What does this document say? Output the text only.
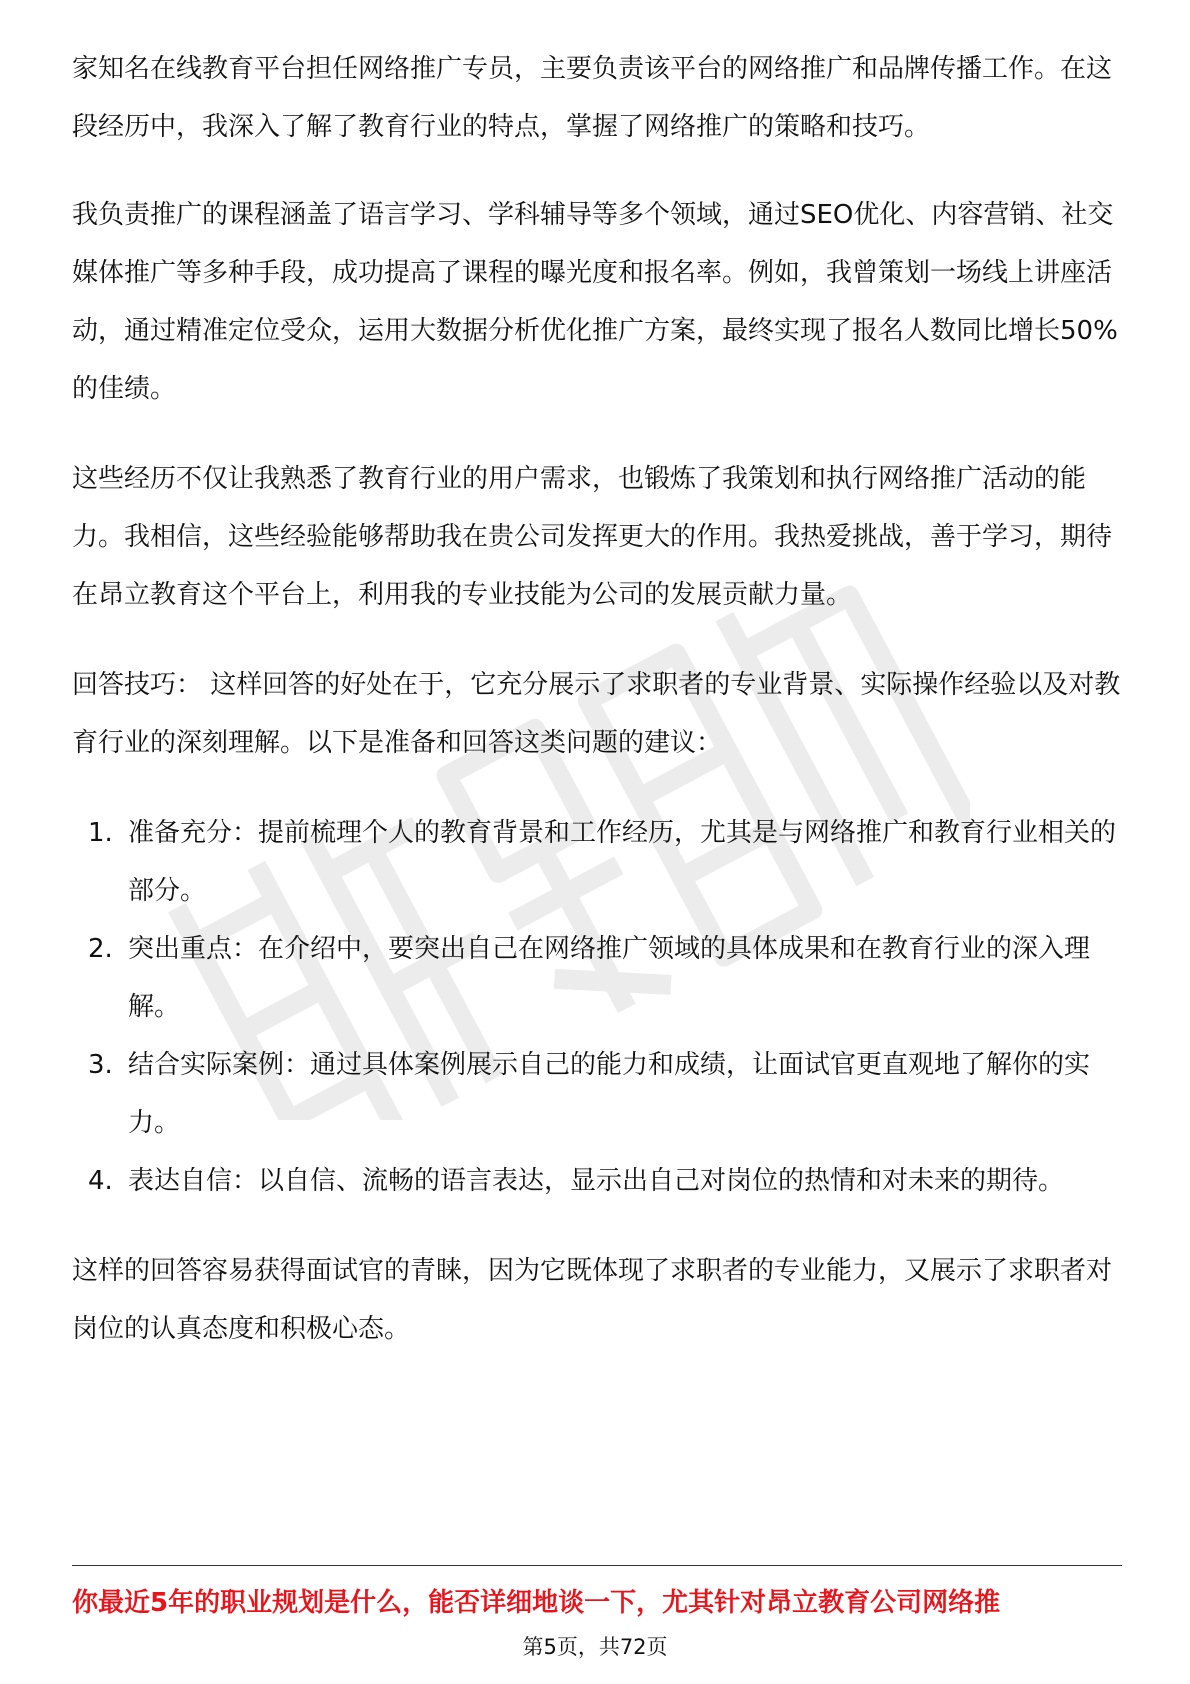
家知名在线教育平台担任网络推广专员，主要负责该平台的网络推广和品牌传播工作。在这段经历中，我深入了解了教育行业的特点，掌握了网络推广的策略和技巧。

我负责推广的课程涵盖了语言学习、学科辅导等多个领域，通过SEO优化、内容营销、社交媒体推广等多种手段，成功提高了课程的曝光度和报名率。例如，我曾策划一场线上讲座活动，通过精准定位受众，运用大数据分析优化推广方案，最终实现了报名人数同比增长50%的佳绩。

这些经历不仅让我熟悉了教育行业的用户需求，也锻炼了我策划和执行网络推广活动的能力。我相信，这些经验能够帮助我在贵公司发挥更大的作用。我热爱挑战，善于学习，期待在昂立教育这个平台上，利用我的专业技能为公司的发展贡献力量。

回答技巧： 这样回答的好处在于，它充分展示了求职者的专业背景、实际操作经验以及对教育行业的深刻理解。以下是准备和回答这类问题的建议：

1. 准备充分：提前梳理个人的教育背景和工作经历，尤其是与网络推广和教育行业相关的部分。
2. 突出重点：在介绍中，要突出自己在网络推广领域的具体成果和在教育行业的深入理解。
3. 结合实际案例：通过具体案例展示自己的能力和成绩，让面试官更直观地了解你的实力。
4. 表达自信：以自信、流畅的语言表达，显示出自己对岗位的热情和对未来的期待。

这样的回答容易获得面试官的青睐，因为它既体现了求职者的专业能力，又展示了求职者对岗位的认真态度和积极心态。

你最近5年的职业规划是什么，能否详细地谈一下，尤其针对昂立教育公司网络推
第5页，共72页
